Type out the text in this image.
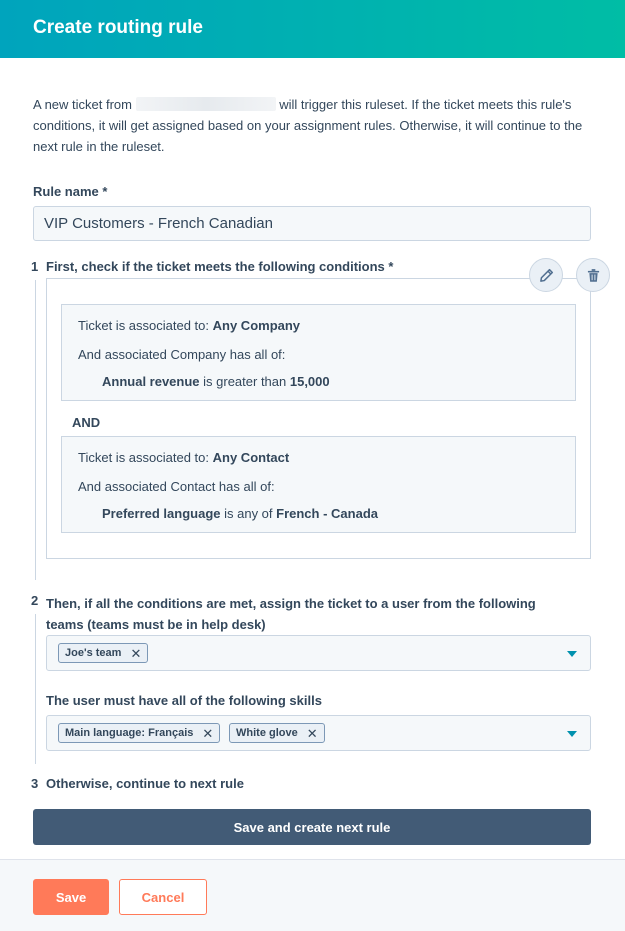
Create routing rule

A new ticket from	will trigger this ruleset. If the ticket meets this rule's conditions, it will get assigned based on your assignment rules. Otherwise, it will continue to the next rule in the ruleset.

Rule name *
VIP Customers - French Canadian
1 First, check if the ticket meets the following conditions *
Ticket is associated to: Any Company
And associated Company has all of:
Annual revenue is greater than 15,000
AND
Ticket is associated to: Any Contact
And associated Contact has all of:
Preferred language is any of French - Canada
2 Then, if all the conditions are met, assign the ticket to a user from the following teams (teams must be in help desk)
Joe's team ✕
The user must have all of the following skills
Main language: Français ✕ White glove ✕
3 Otherwise, continue to next rule
Save and create next rule
Save	Cancel
